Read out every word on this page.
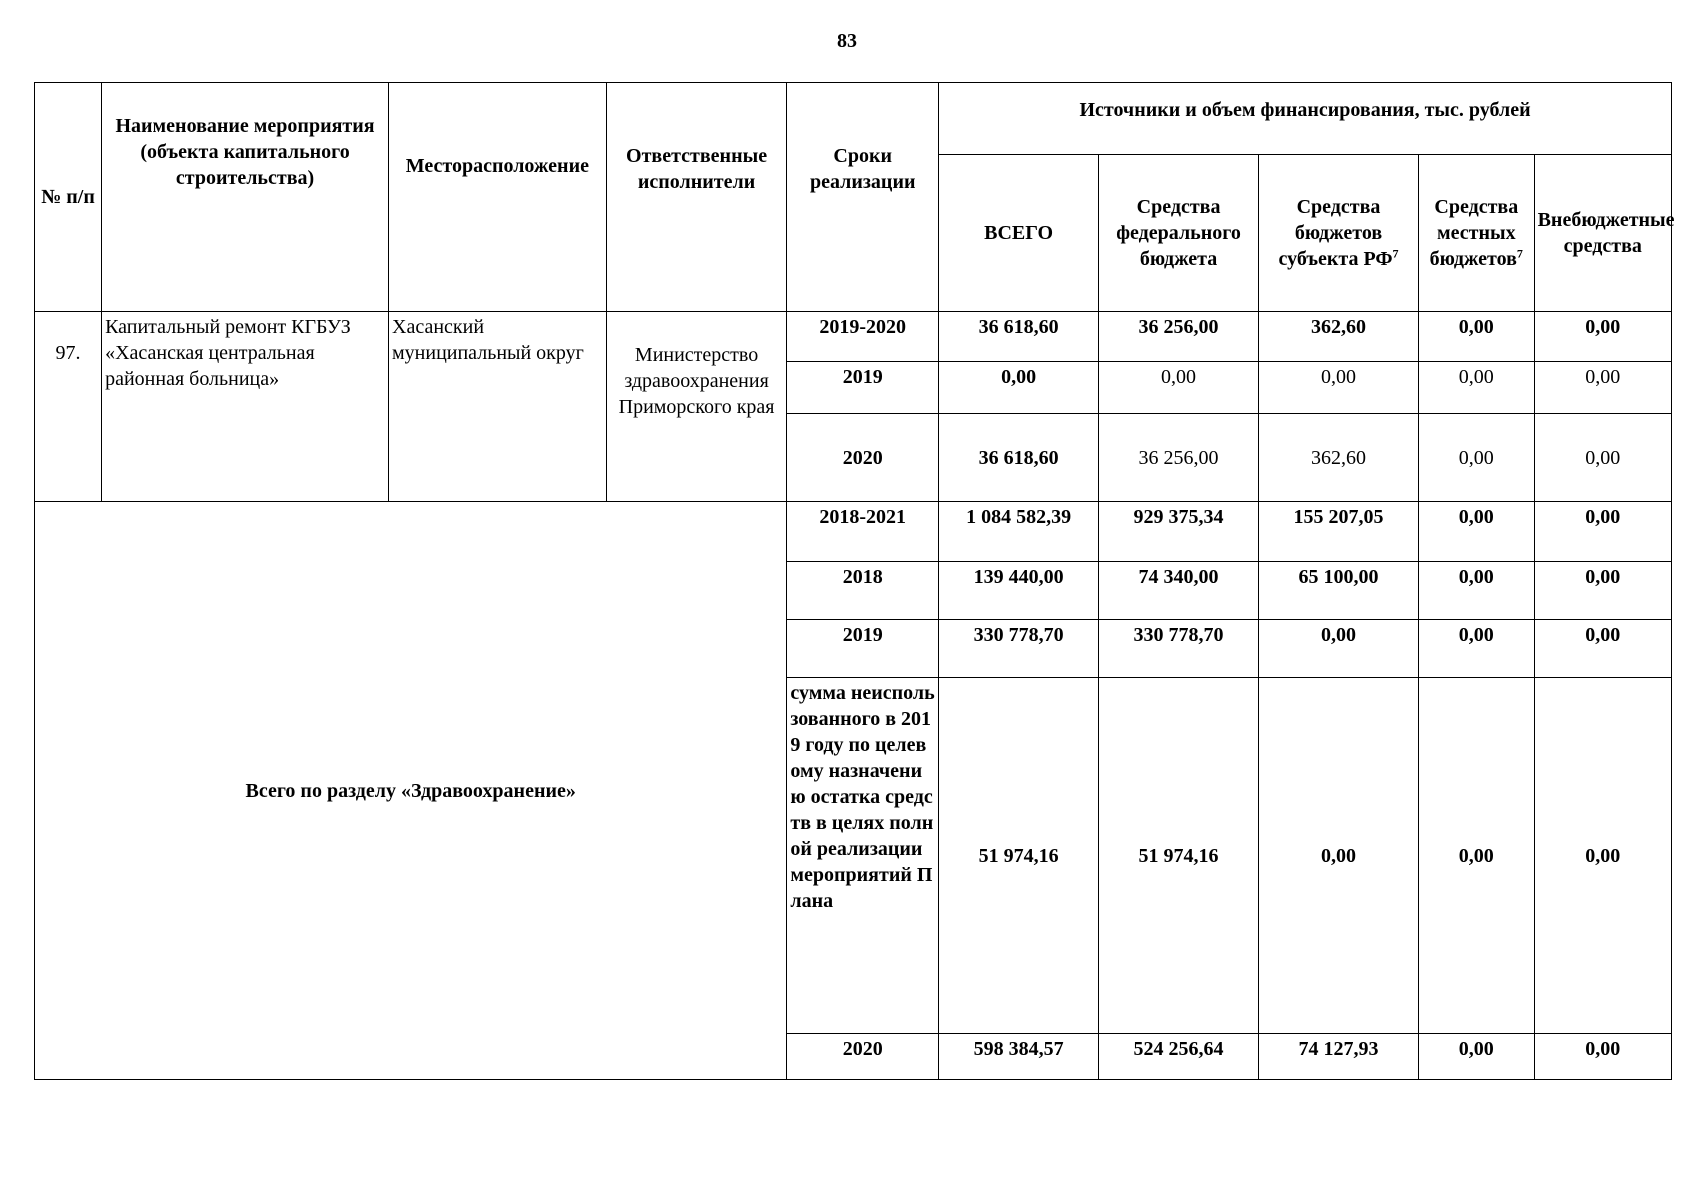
83
№ п/п	Наименование мероприятия (объекта капитального строительства)	Месторасположение	Ответственные исполнители	Сроки реализации	Источники и объем финансирования, тыс. рублей				
					ВСЕГО	Средства федерального бюджета	Средства бюджетов субъекта $РФ^7$	Средства местных бюджетов$^7$	Внебюджетные средства
97.	Капитальный ремонт КГБУЗ «Хасанская центральная районная больница»	Хасанский муниципальный округ	Министерство здравоохранения Приморского края	2019-2020	36 618,60	36 256,00	362,60	0,00	0,00
				2019	0,00	0,00	0,00	0,00	0,00
				2020	36 618,60	36 256,00	362,60	0,00	0,00
Всего по разделу «Здравоохранение»				2018-2021	1 084 582,39	929 375,34	155 207,05	0,00	0,00
				2018	139 440,00	74 340,00	65 100,00	0,00	0,00
				2019	330 778,70	330 778,70	0,00	0,00	0,00
				сумма неиспользованного в 2019 году по целевому назначению остатка средств в целях полной реализации мероприятий Плана	51 974,16	51 974,16	0,00	0,00	0,00
				2020	598 384,57	524 256,64	74 127,93	0,00	0,00
